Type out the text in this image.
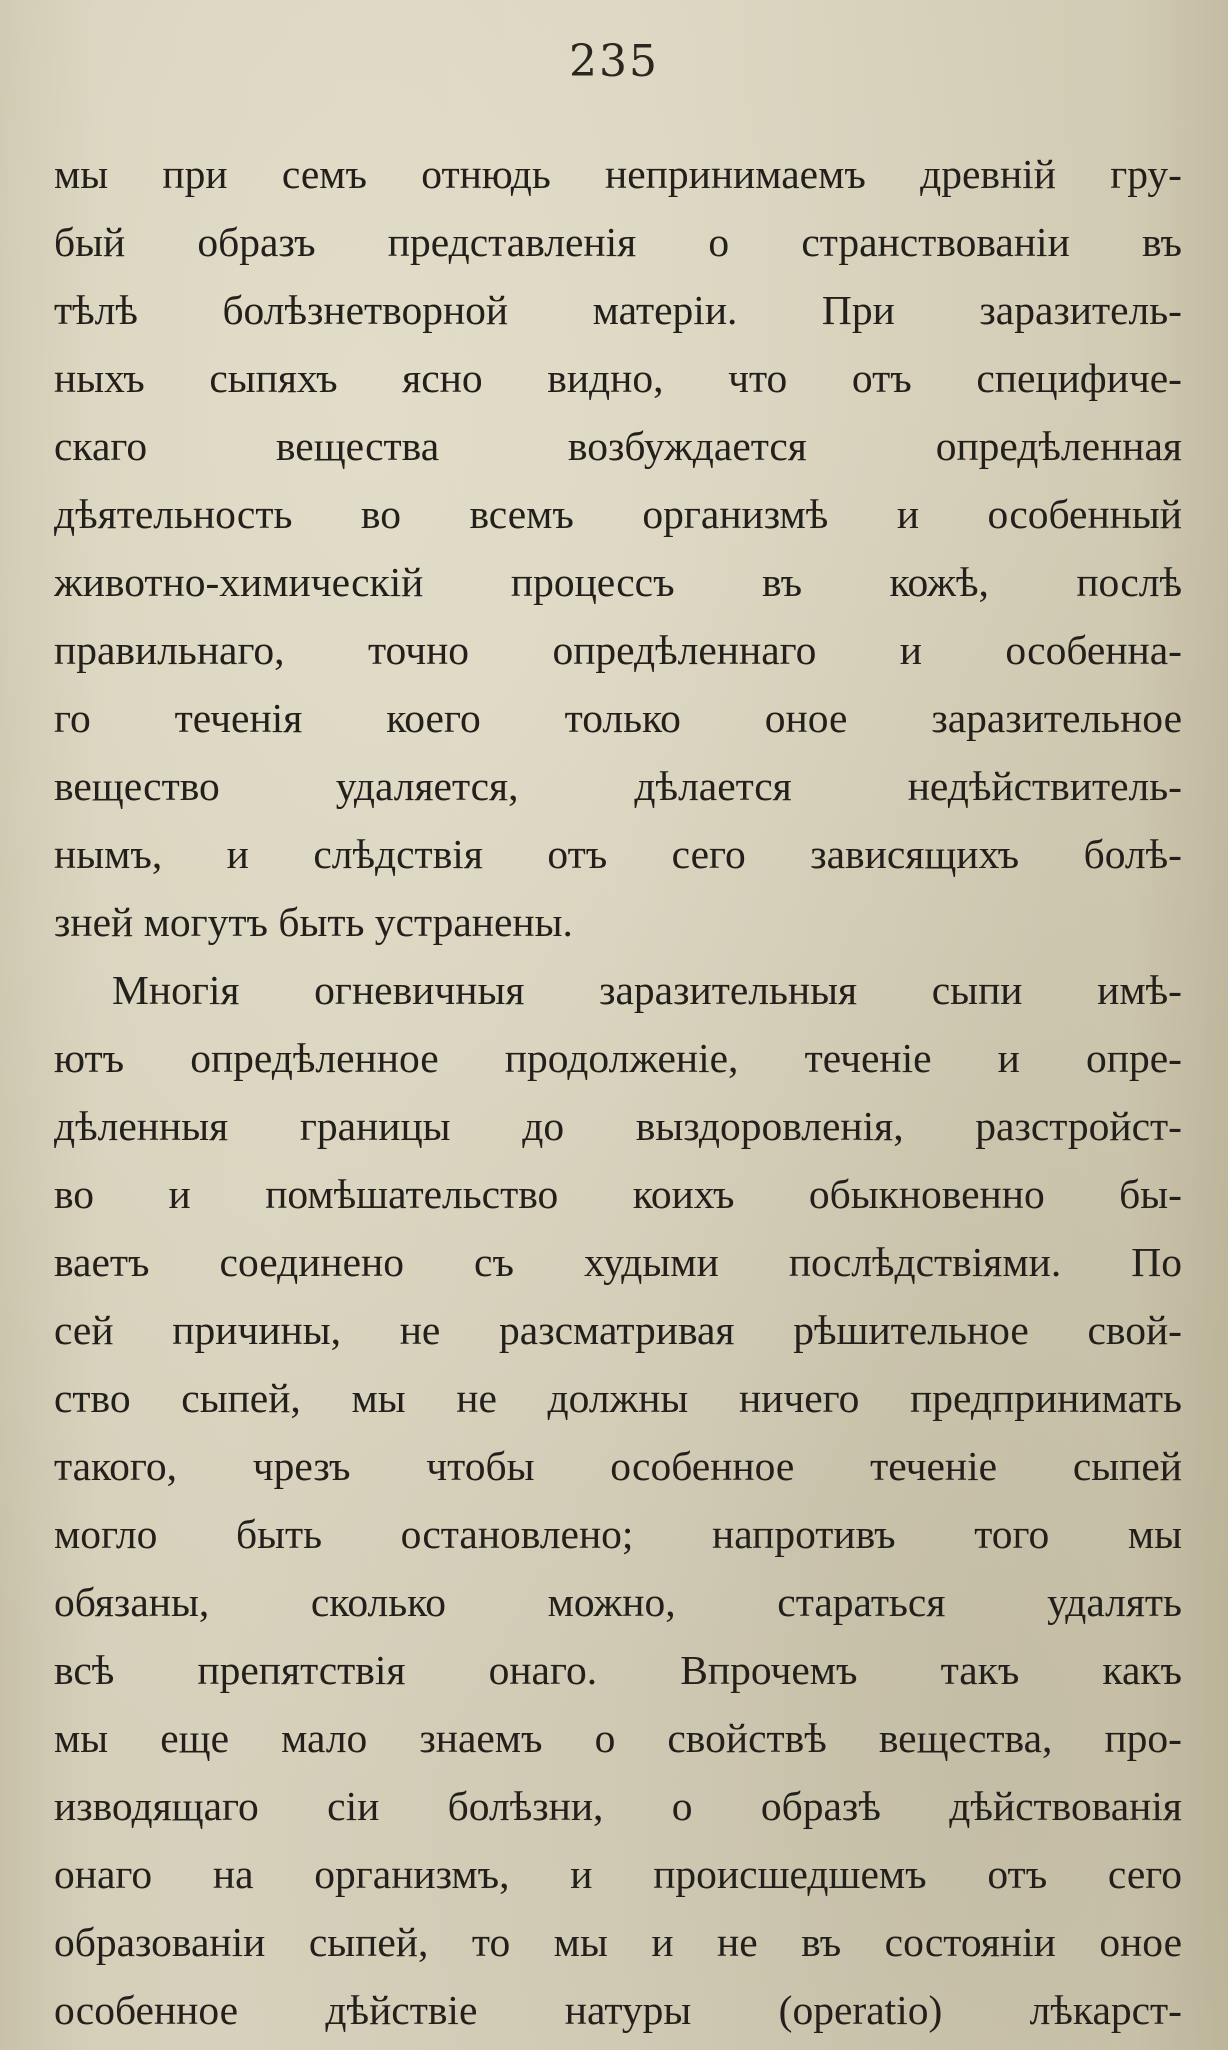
235
мы при семъ отнюдь непринимаемъ древній гру-
бый образъ представленія о странствованіи въ
тѣлѣ болѣзнетворной матеріи. При заразитель-
ныхъ сыпяхъ ясно видно, что отъ специфиче-
скаго вещества возбуждается опредѣленная
дѣятельность во всемъ организмѣ и особенный
животно-химическій процессъ въ кожѣ, послѣ
правильнаго, точно опредѣленнаго и особенна-
го теченія коего только оное заразительное
вещество удаляется, дѣлается недѣйствитель-
нымъ, и слѣдствія отъ сего зависящихъ болѣ-
зней могутъ быть устранены.
Многія огневичныя заразительныя сыпи имѣ-
ютъ опредѣленное продолженіе, теченіе и опре-
дѣленныя границы до выздоровленія, разстройст-
во и помѣшательство коихъ обыкновенно бы-
ваетъ соединено съ худыми послѣдствіями. По
сей причины, не разсматривая рѣшительное свой-
ство сыпей, мы не должны ничего предпринимать
такого, чрезъ чтобы особенное теченіе сыпей
могло быть остановлено; напротивъ того мы
обязаны, сколько можно, стараться удалять
всѣ препятствія онаго. Впрочемъ такъ какъ
мы еще мало знаемъ о свойствѣ вещества, про-
изводящаго сіи болѣзни, о образѣ дѣйствованія
онаго на организмъ, и происшедшемъ отъ сего
образованіи сыпей, то мы и не въ состояніи оное
особенное дѣйствіе натуры (operatio) лѣкарст-
